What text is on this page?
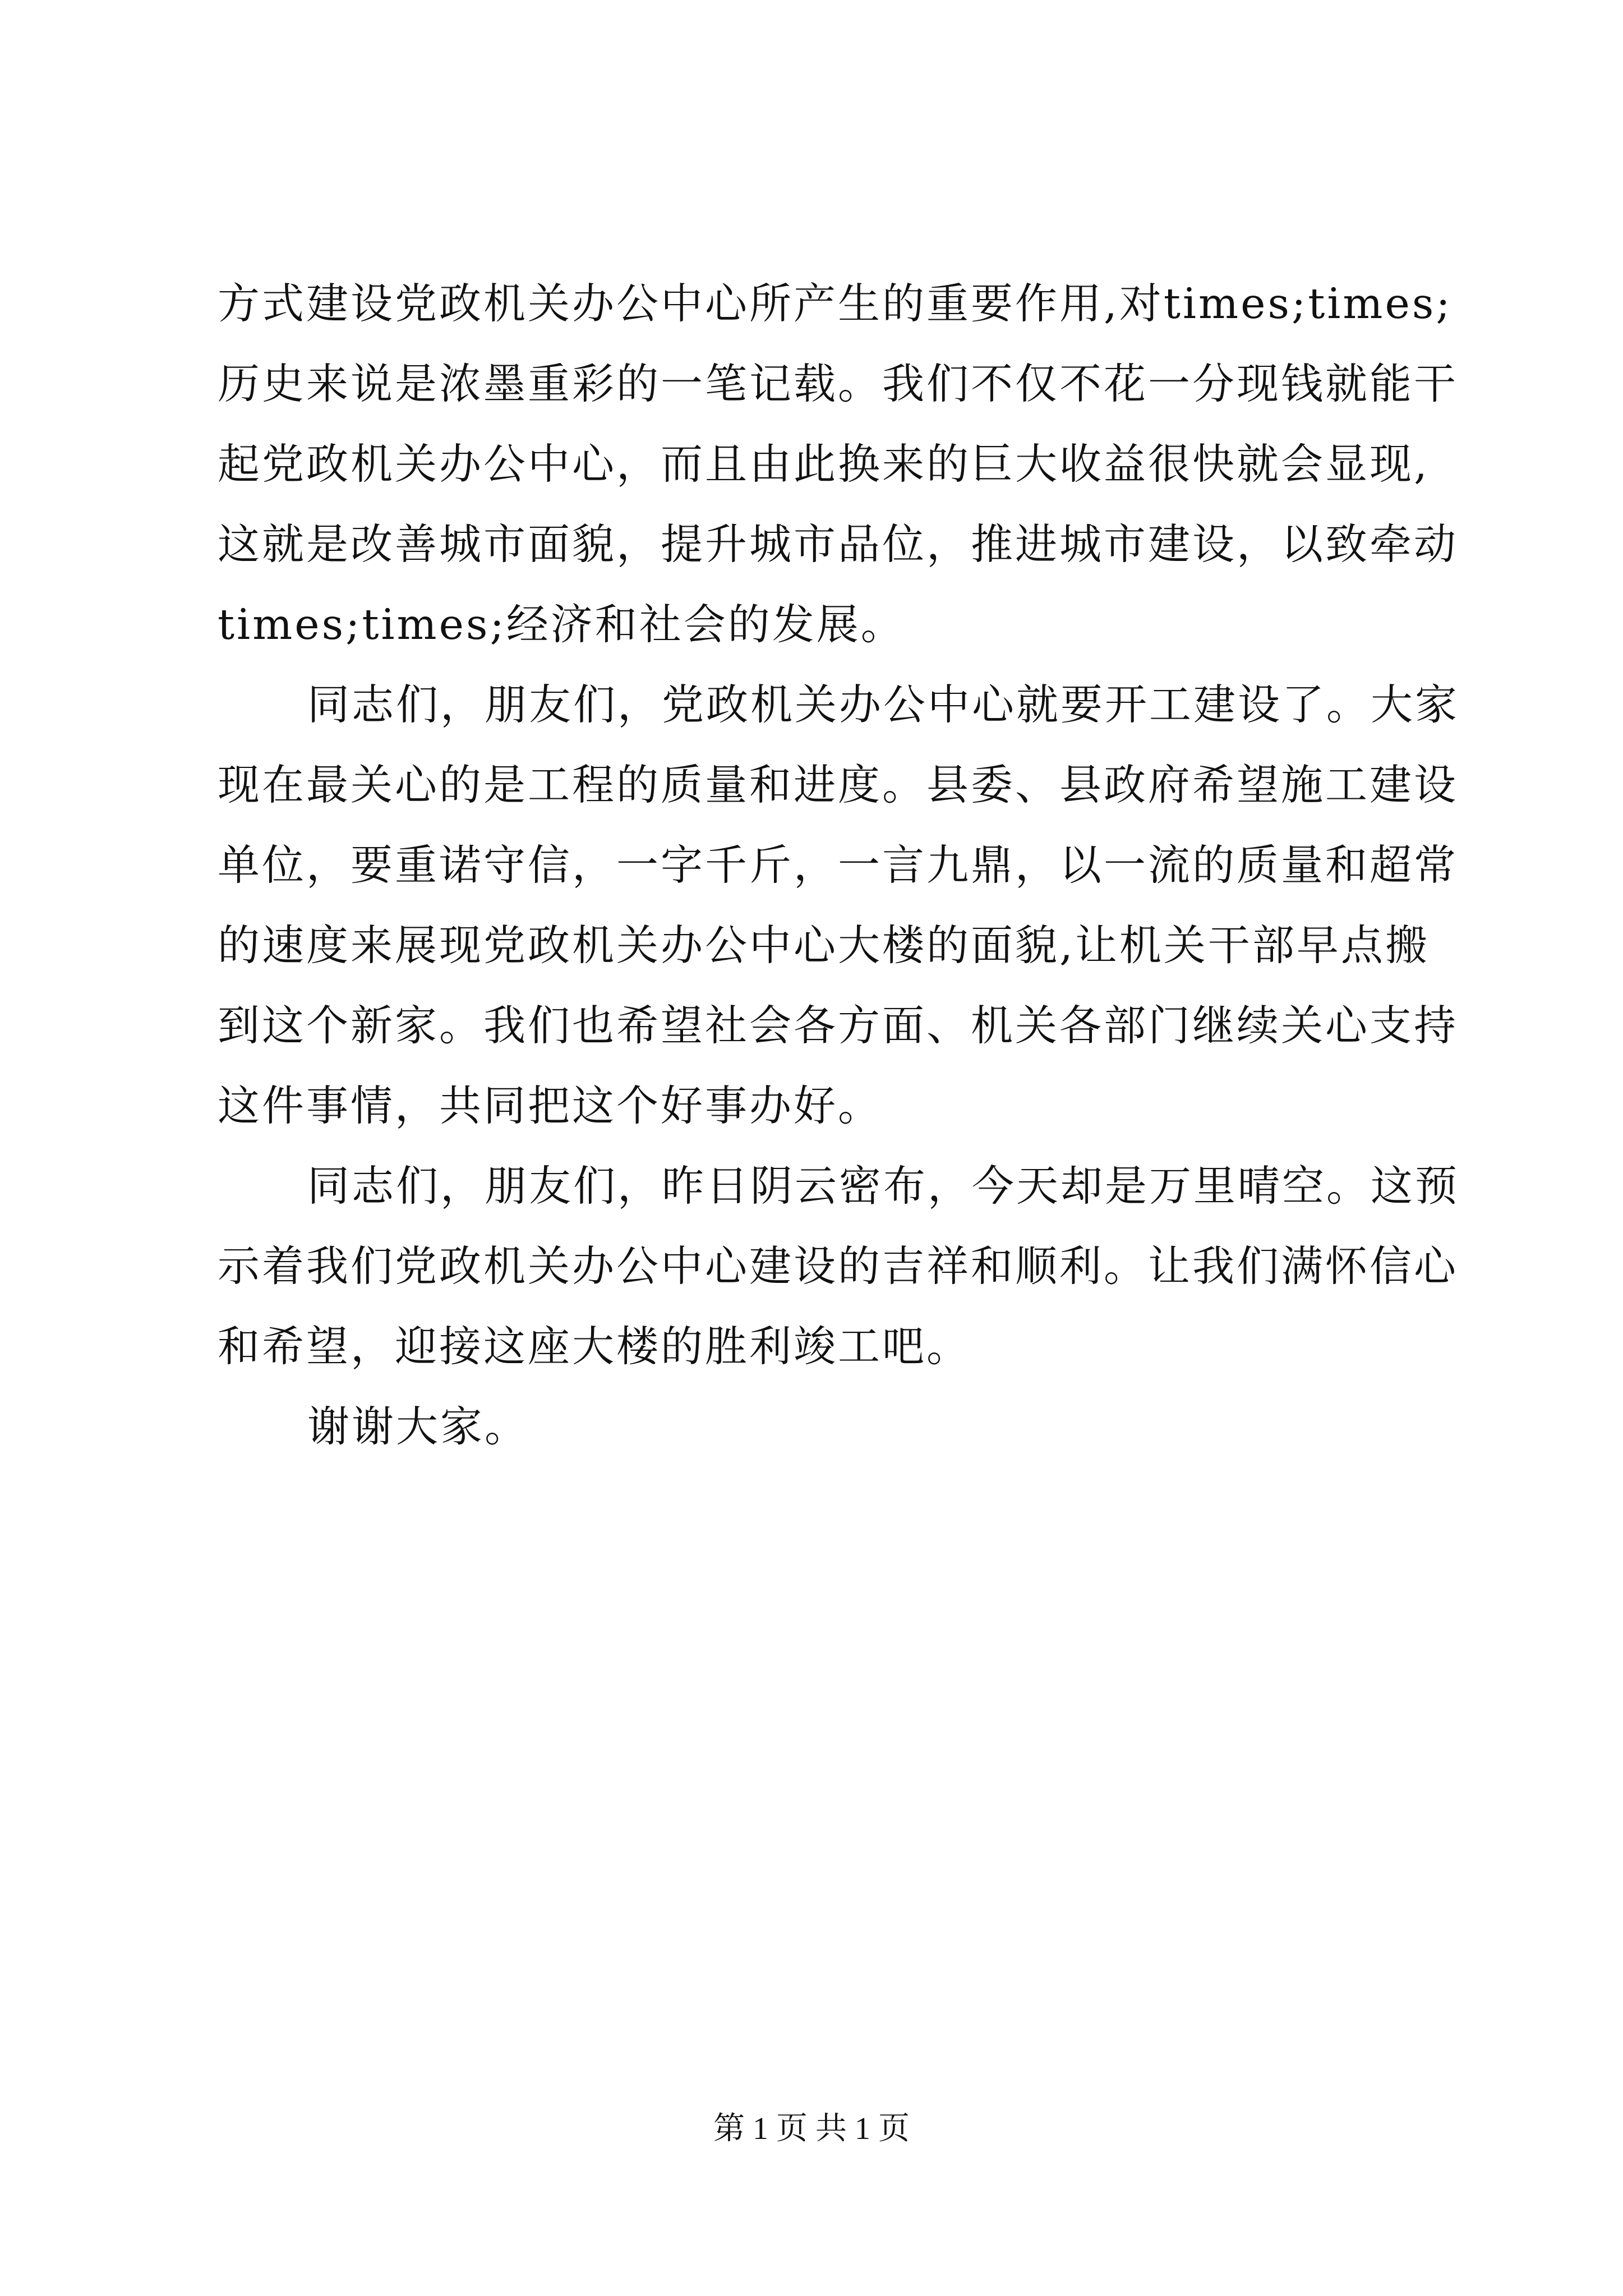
方式建设党政机关办公中心所产生的重要作用,对times;times;
历史来说是浓墨重彩的一笔记载。我们不仅不花一分现钱就能干
起党政机关办公中心，而且由此换来的巨大收益很快就会显现,
这就是改善城市面貌，提升城市品位，推进城市建设，以致牵动
times;times;经济和社会的发展。
同志们，朋友们，党政机关办公中心就要开工建设了。大家
现在最关心的是工程的质量和进度。县委、县政府希望施工建设
单位，要重诺守信，一字千斤，一言九鼎，以一流的质量和超常
的速度来展现党政机关办公中心大楼的面貌,让机关干部早点搬
到这个新家。我们也希望社会各方面、机关各部门继续关心支持
这件事情，共同把这个好事办好。
同志们，朋友们，昨日阴云密布，今天却是万里晴空。这预
示着我们党政机关办公中心建设的吉祥和顺利。让我们满怀信心
和希望，迎接这座大楼的胜利竣工吧。
谢谢大家。
第 1 页 共 1 页
